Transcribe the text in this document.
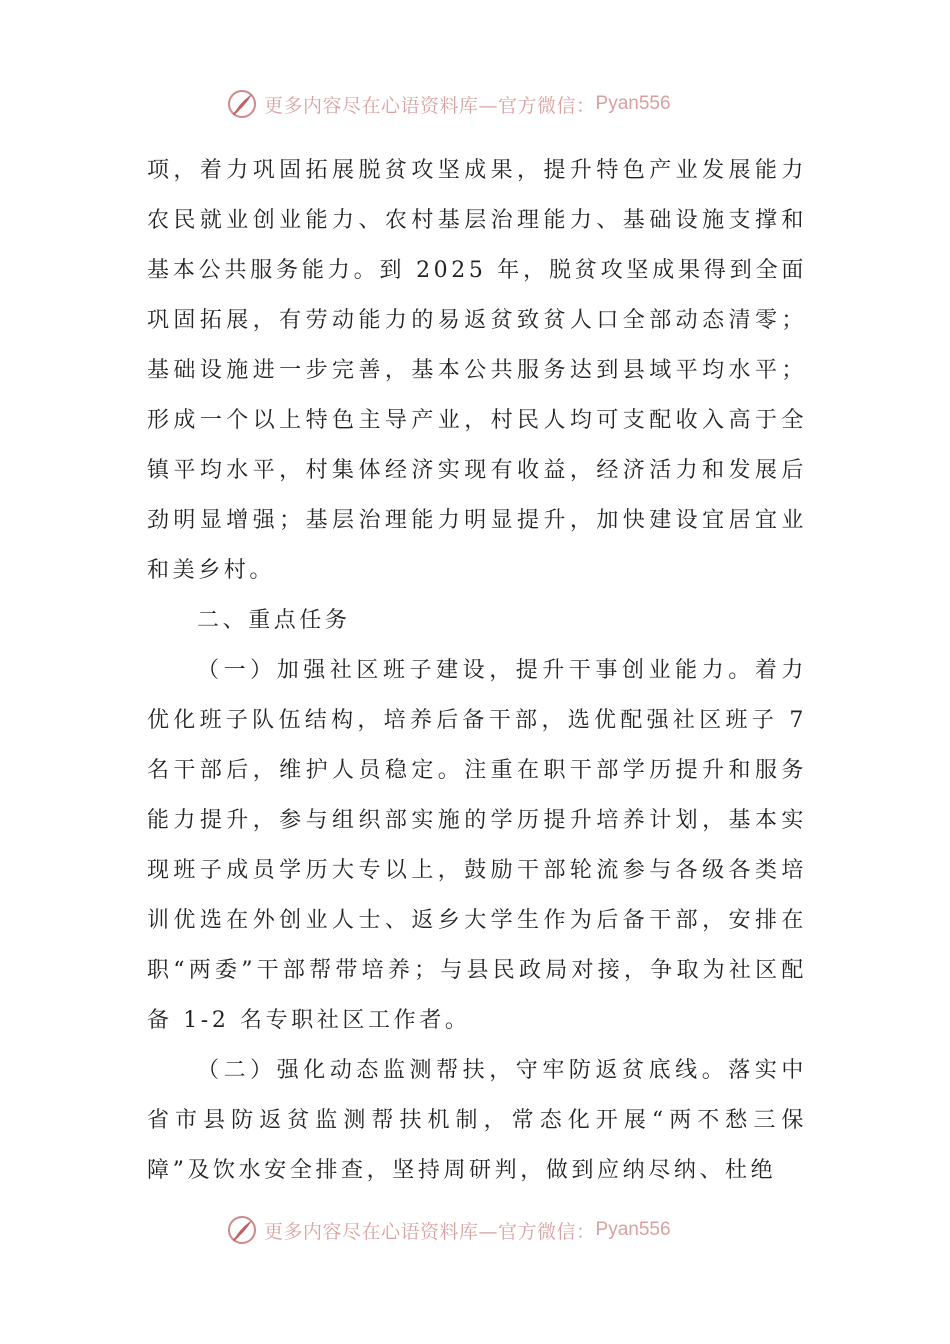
更多内容尽在心语资料库—官方微信： Pyan556

项，着力巩固拓展脱贫攻坚成果，提升特色产业发展能力农民就业创业能力、农村基层治理能力、基础设施支撑和基本公共服务能力。到 2025 年，脱贫攻坚成果得到全面巩固拓展，有劳动能力的易返贫致贫人口全部动态清零；基础设施进一步完善，基本公共服务达到县域平均水平；形成一个以上特色主导产业，村民人均可支配收入高于全镇平均水平，村集体经济实现有收益，经济活力和发展后劲明显增强；基层治理能力明显提升，加快建设宜居宜业和美乡村。

二、重点任务

（一）加强社区班子建设，提升干事创业能力。着力优化班子队伍结构，培养后备干部，选优配强社区班子 7 名干部后，维护人员稳定。注重在职干部学历提升和服务能力提升，参与组织部实施的学历提升培养计划，基本实现班子成员学历大专以上，鼓励干部轮流参与各级各类培训优选在外创业人士、返乡大学生作为后备干部，安排在职“两委”干部帮带培养；与县民政局对接，争取为社区配备 1-2 名专职社区工作者。

（二）强化动态监测帮扶，守牢防返贫底线。落实中省市县防返贫监测帮扶机制，常态化开展“两不愁三保障”及饮水安全排查，坚持周研判，做到应纳尽纳、杜绝

更多内容尽在心语资料库—官方微信： Pyan556
